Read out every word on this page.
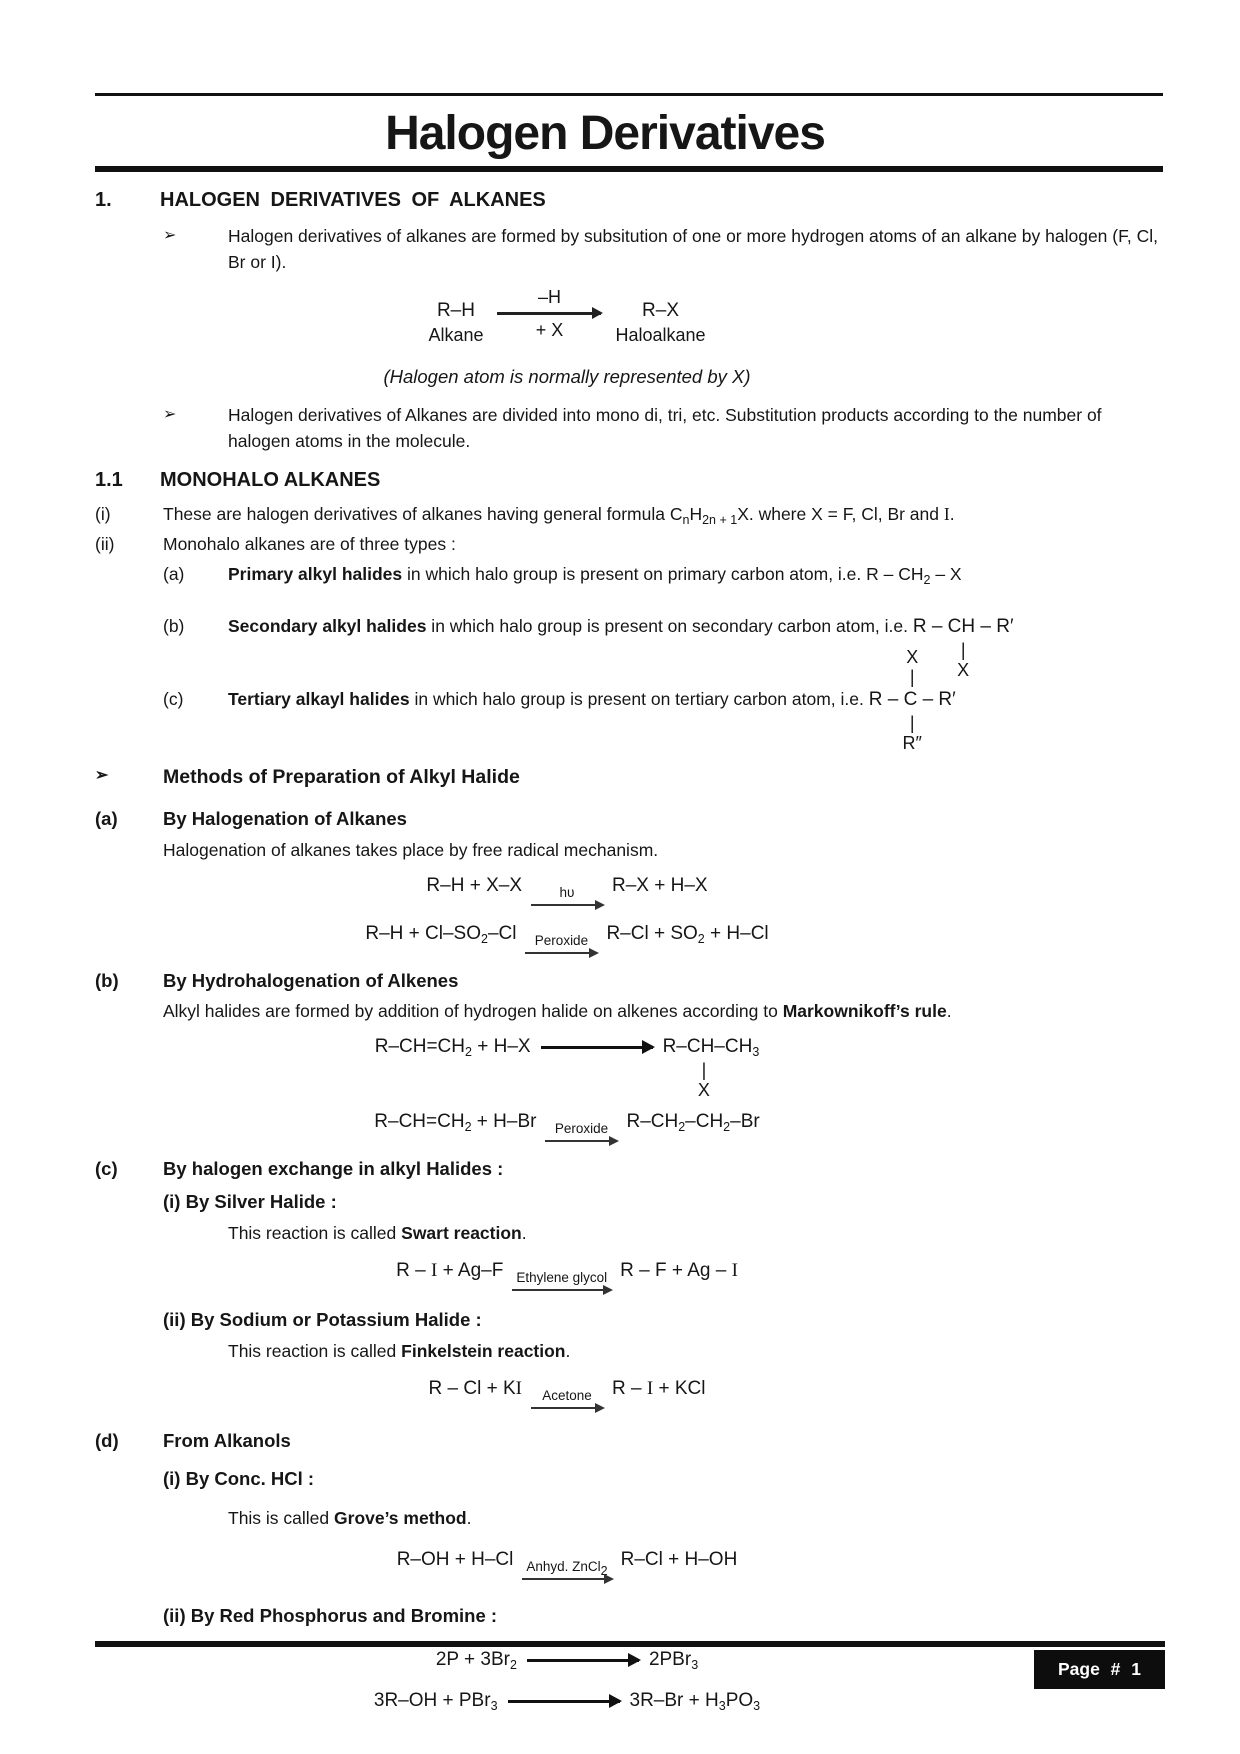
Halogen Derivatives
1.	HALOGEN DERIVATIVES OF ALKANES
➢	Halogen derivatives of alkanes are formed by subsitution of one or more hydrogen atoms of an alkane by halogen (F, Cl, Br or I).
R–H
Alkane
–H
+ X
R–X
Haloalkane
(Halogen atom is normally represented by X)
➢	Halogen derivatives of Alkanes are divided into mono di, tri, etc. Substitution products according to the number of halogen atoms in the molecule.
1.1	MONOHALO ALKANES
(i)	These are halogen derivatives of alkanes having general formula $C_nH_{2n + 1}X$. where X = F, Cl, Br and I.
(ii)	Monohalo alkanes are of three types :
(a)	Primary alkyl halides in which halo group is present on primary carbon atom, i.e. R – $CH_2$ – X
(b)	Secondary alkyl halides in which halo group is present on secondary carbon atom, i.e. R – CH – R′
|
X
(c)	Tertiary alkayl halides in which halo group is present on tertiary carbon atom, i.e.
X
|
R – C – R′
|
R″
➢	Methods of Preparation of Alkyl Halide
(a)	By Halogenation of Alkanes
Halogenation of alkanes takes place by free radical mechanism.
R–H + X–X	hυ R–X + H–X
$R-H + Cl-SO_2-Cl$ Peroxide $R-Cl + SO_2 + H-Cl$
(b)	By Hydrohalogenation of Alkenes
Alkyl halides are formed by addition of hydrogen halide on alkenes according to Markownikoff’s rule.
$R-CH=CH_2 + H-X$	$R-CH-CH_3$
|
X
$R-CH=CH_2 + H-Br$ Peroxide $R-CH_2-CH_2-Br$
(c)	By halogen exchange in alkyl Halides :
(i) By Silver Halide :
This reaction is called Swart reaction.
R – I + Ag–F Ethylene glycol R – F + Ag – I
(ii) By Sodium or Potassium Halide :
This reaction is called Finkelstein reaction.
R – Cl + KI Acetone R – I + KCl
(d)	From Alkanols
(i) By Conc. HCl :
This is called Grove’s method.
R–OH + H–Cl Anhyd. ZnCl$_2$
R–Cl + H–OH
(ii) By Red Phosphorus and Bromine :
$2P + 3Br_2$	2PBr$_3$
3R–OH + PBr$_3$	$3R-Br + H_3PO_3$
Page # 1
